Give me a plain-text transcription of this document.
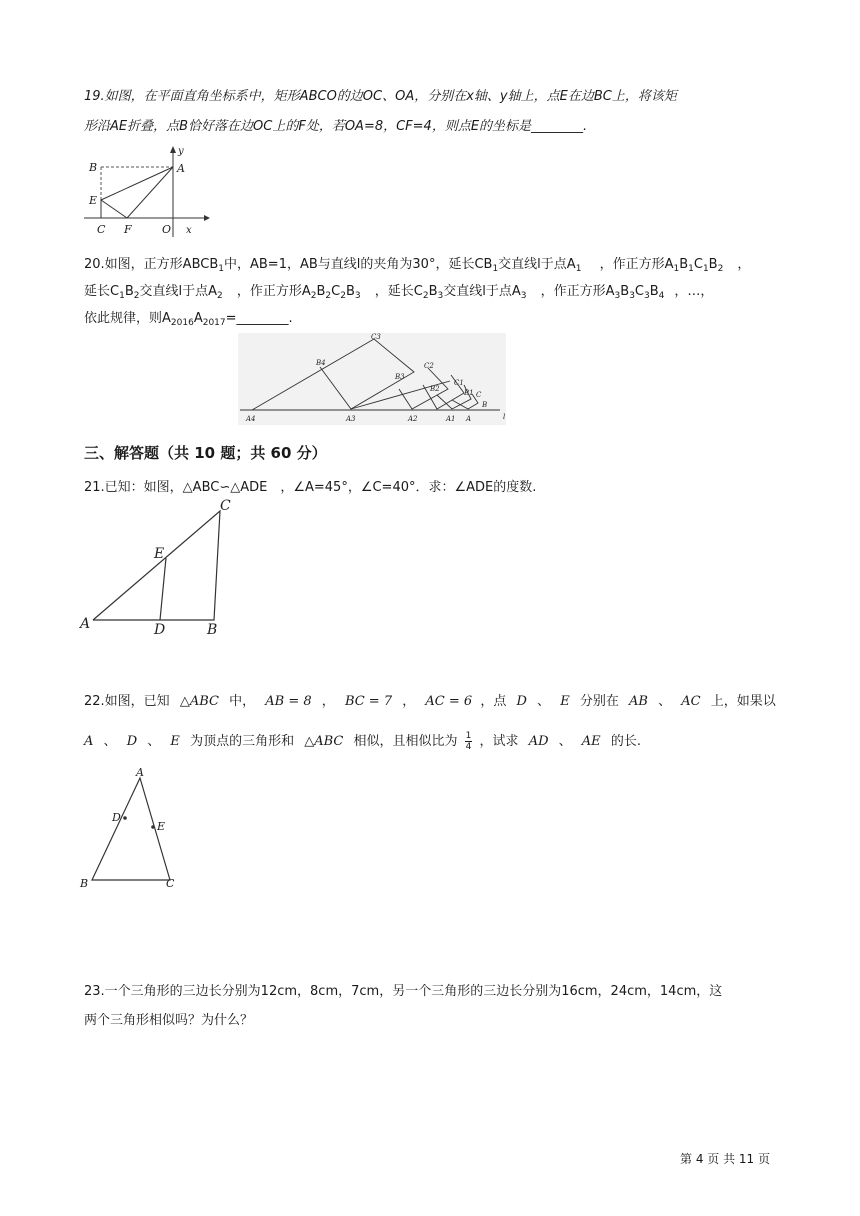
19.如图，在平面直角坐标系中，矩形ABCO的边OC、OA，分别在x轴、y轴上，点E在边BC上，将该矩
形沿AE折叠，点B恰好落在边OC上的F处，若OA=8，CF=4，则点E的坐标是________.
B	A
E
y
C F	O x
20.如图，正方形$ABCB_1$中，AB=1，AB与直线l的夹角为30°，延长$CB_1$交直线l于点$A_1$ ，作正方形$A_1B_1C_1B_2$ ，
延长$C_1B_2$交直线l于点$A_2$ ，作正方形$A_2B_2C_2B_3$ ，延长$C_2B_3$交直线l于点$A_3$ ，作正方形$A_3B_3C_3B_4$ ，…，
依此规律，则$A_{2016}A_{2017}=\_\_\_\_\_\_\_\_$.
C3
B4	C2
B3
C1
B2	B1 C
B
A4	A3	A2	A1 A	l
三、解答题（共 10 题；共 60 分）
21.已知：如图，△ABC∽△ADE　，∠A=45°，∠C=40°．求：∠ADE的度数.
C
E
A	D	B
22.如图，已知 △ABC 中， AB = 8 ， BC = 7 ， AC = 6 ，点 D 、 E 分别在 AB 、 AC 上，如果以
A 、 D 、 E 为顶点的三角形和 △ABC 相似，且相似比为 $\frac{1}{4}$ ，试求 AD 、 AE 的长.
A
D
E
B	C
23.一个三角形的三边长分别为12cm，8cm，7cm，另一个三角形的三边长分别为16cm，24cm，14cm，这
两个三角形相似吗？为什么？
第 4 页 共 11 页
